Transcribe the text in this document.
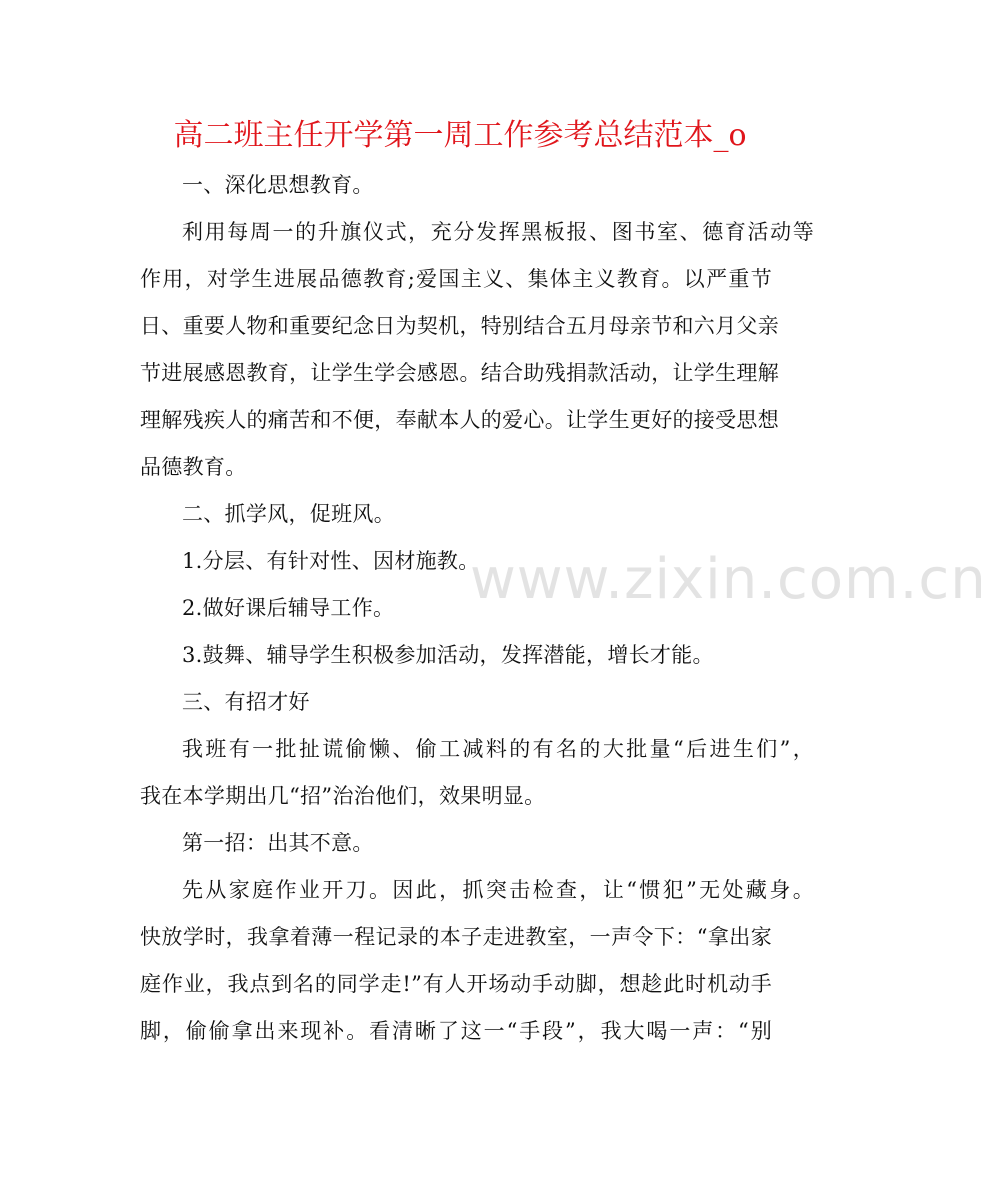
www.zixin.com.cn
高二班主任开学第一周工作参考总结范本_o
一、深化思想教育。
利用每周一的升旗仪式，充分发挥黑板报、图书室、德育活动等
作用，对学生进展品德教育;爱国主义、集体主义教育。以严重节
日、重要人物和重要纪念日为契机，特别结合五月母亲节和六月父亲
节进展感恩教育，让学生学会感恩。结合助残捐款活动，让学生理解
理解残疾人的痛苦和不便，奉献本人的爱心。让学生更好的接受思想
品德教育。
二、抓学风，促班风。
1.分层、有针对性、因材施教。
2.做好课后辅导工作。
3.鼓舞、辅导学生积极参加活动，发挥潜能，增长才能。
三、有招才好
我班有一批扯谎偷懒、偷工减料的有名的大批量“后进生们”，
我在本学期出几“招”治治他们，效果明显。
第一招：出其不意。
先从家庭作业开刀。因此，抓突击检查，让“惯犯”无处藏身。
快放学时，我拿着薄一程记录的本子走进教室，一声令下：“拿出家
庭作业，我点到名的同学走!”有人开场动手动脚，想趁此时机动手
脚，偷偷拿出来现补。看清晰了这一“手段”，我大喝一声：“别
